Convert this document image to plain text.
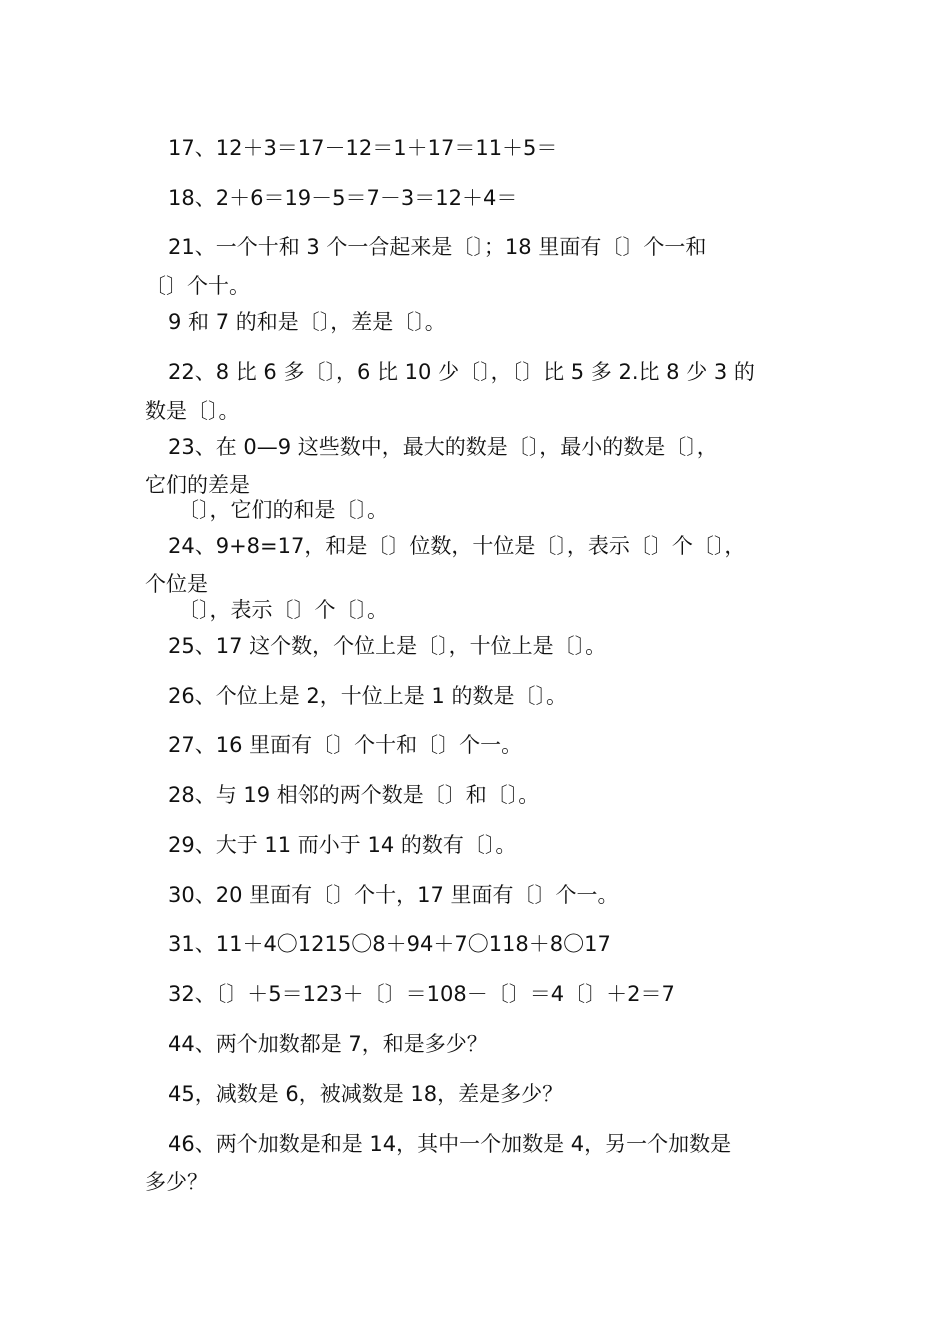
17、12＋3＝17－12＝1＋17＝11＋5＝
18、2＋6＝19－5＝7－3＝12＋4＝
21、一个十和 3 个一合起来是〔〕；18 里面有〔〕个一和
〔〕个十。
9 和 7 的和是〔〕，差是〔〕。
22、8 比 6 多〔〕，6 比 10 少〔〕，〔〕比 5 多 2.比 8 少 3 的
数是〔〕。
23、在 0—9 这些数中，最大的数是〔〕，最小的数是〔〕，
它们的差是
〔〕，它们的和是〔〕。
24、9+8=17，和是〔〕位数，十位是〔〕，表示〔〕个〔〕，
个位是
〔〕，表示〔〕个〔〕。
25、17 这个数，个位上是〔〕，十位上是〔〕。
26、个位上是 2，十位上是 1 的数是〔〕。
27、16 里面有〔〕个十和〔〕个一。
28、与 19 相邻的两个数是〔〕和〔〕。
29、大于 11 而小于 14 的数有〔〕。
30、20 里面有〔〕个十，17 里面有〔〕个一。
31、11＋4〇1215〇8＋94＋7〇118＋8〇17
32、〔〕＋5＝123＋〔〕＝108－〔〕＝4〔〕＋2＝7
44、两个加数都是 7，和是多少？
45，减数是 6，被减数是 18，差是多少？
46、两个加数是和是 14，其中一个加数是 4，另一个加数是
多少？
